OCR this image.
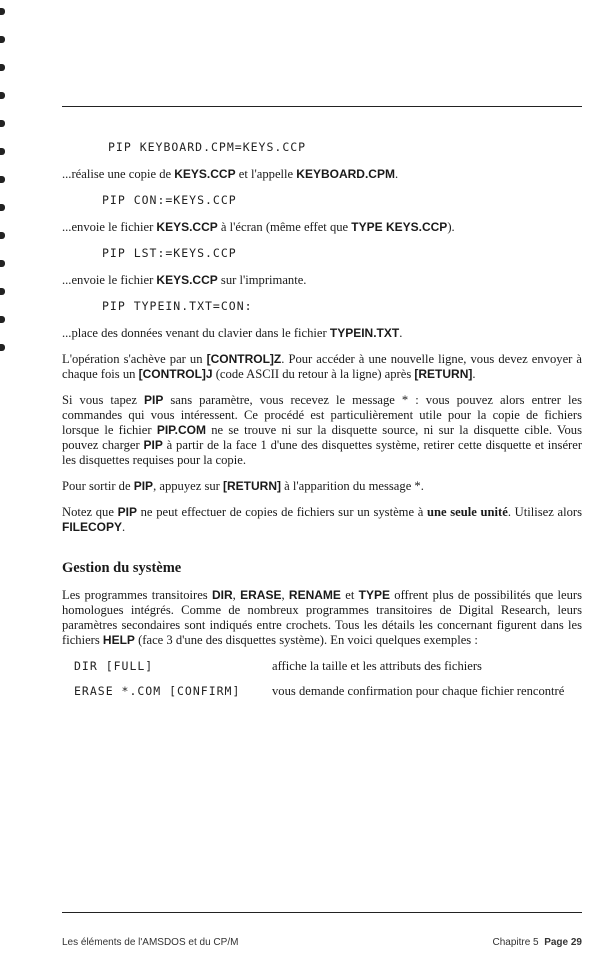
PIP KEYBOARD.CPM=KEYS.CCP

...réalise une copie de KEYS.CCP et l'appelle KEYBOARD.CPM.

PIP CON:=KEYS.CCP

...envoie le fichier KEYS.CCP à l'écran (même effet que TYPE KEYS.CCP).

PIP LST:=KEYS.CCP

...envoie le fichier KEYS.CCP sur l'imprimante.

PIP TYPEIN.TXT=CON:

...place des données venant du clavier dans le fichier TYPEIN.TXT.

L'opération s'achève par un [CONTROL]Z. Pour accéder à une nouvelle ligne, vous devez envoyer à chaque fois un [CONTROL]J (code ASCII du retour à la ligne) après [RETURN].

Si vous tapez PIP sans paramètre, vous recevez le message * : vous pouvez alors entrer les commandes qui vous intéressent. Ce procédé est particulièrement utile pour la copie de fichiers lorsque le fichier PIP.COM ne se trouve ni sur la disquette source, ni sur la disquette cible. Vous pouvez charger PIP à partir de la face 1 d'une des disquettes système, retirer cette disquette et insérer les disquettes requises pour la copie.

Pour sortir de PIP, appuyez sur [RETURN] à l'apparition du message *.

Notez que PIP ne peut effectuer de copies de fichiers sur un système à une seule unité. Utilisez alors FILECOPY.

Gestion du système

Les programmes transitoires DIR, ERASE, RENAME et TYPE offrent plus de possibilités que leurs homologues intégrés. Comme de nombreux programmes transitoires de Digital Research, leurs paramètres secondaires sont indiqués entre crochets. Tous les détails les concernant figurent dans les fichiers HELP (face 3 d'une des disquettes système). En voici quelques exemples :

DIR [FULL]	affiche la taille et les attributs des fichiers
ERASE *.COM [CONFIRM]	vous demande confirmation pour chaque fichier rencontré
Les éléments de l'AMSDOS et du CP/M	Chapitre 5 Page 29
